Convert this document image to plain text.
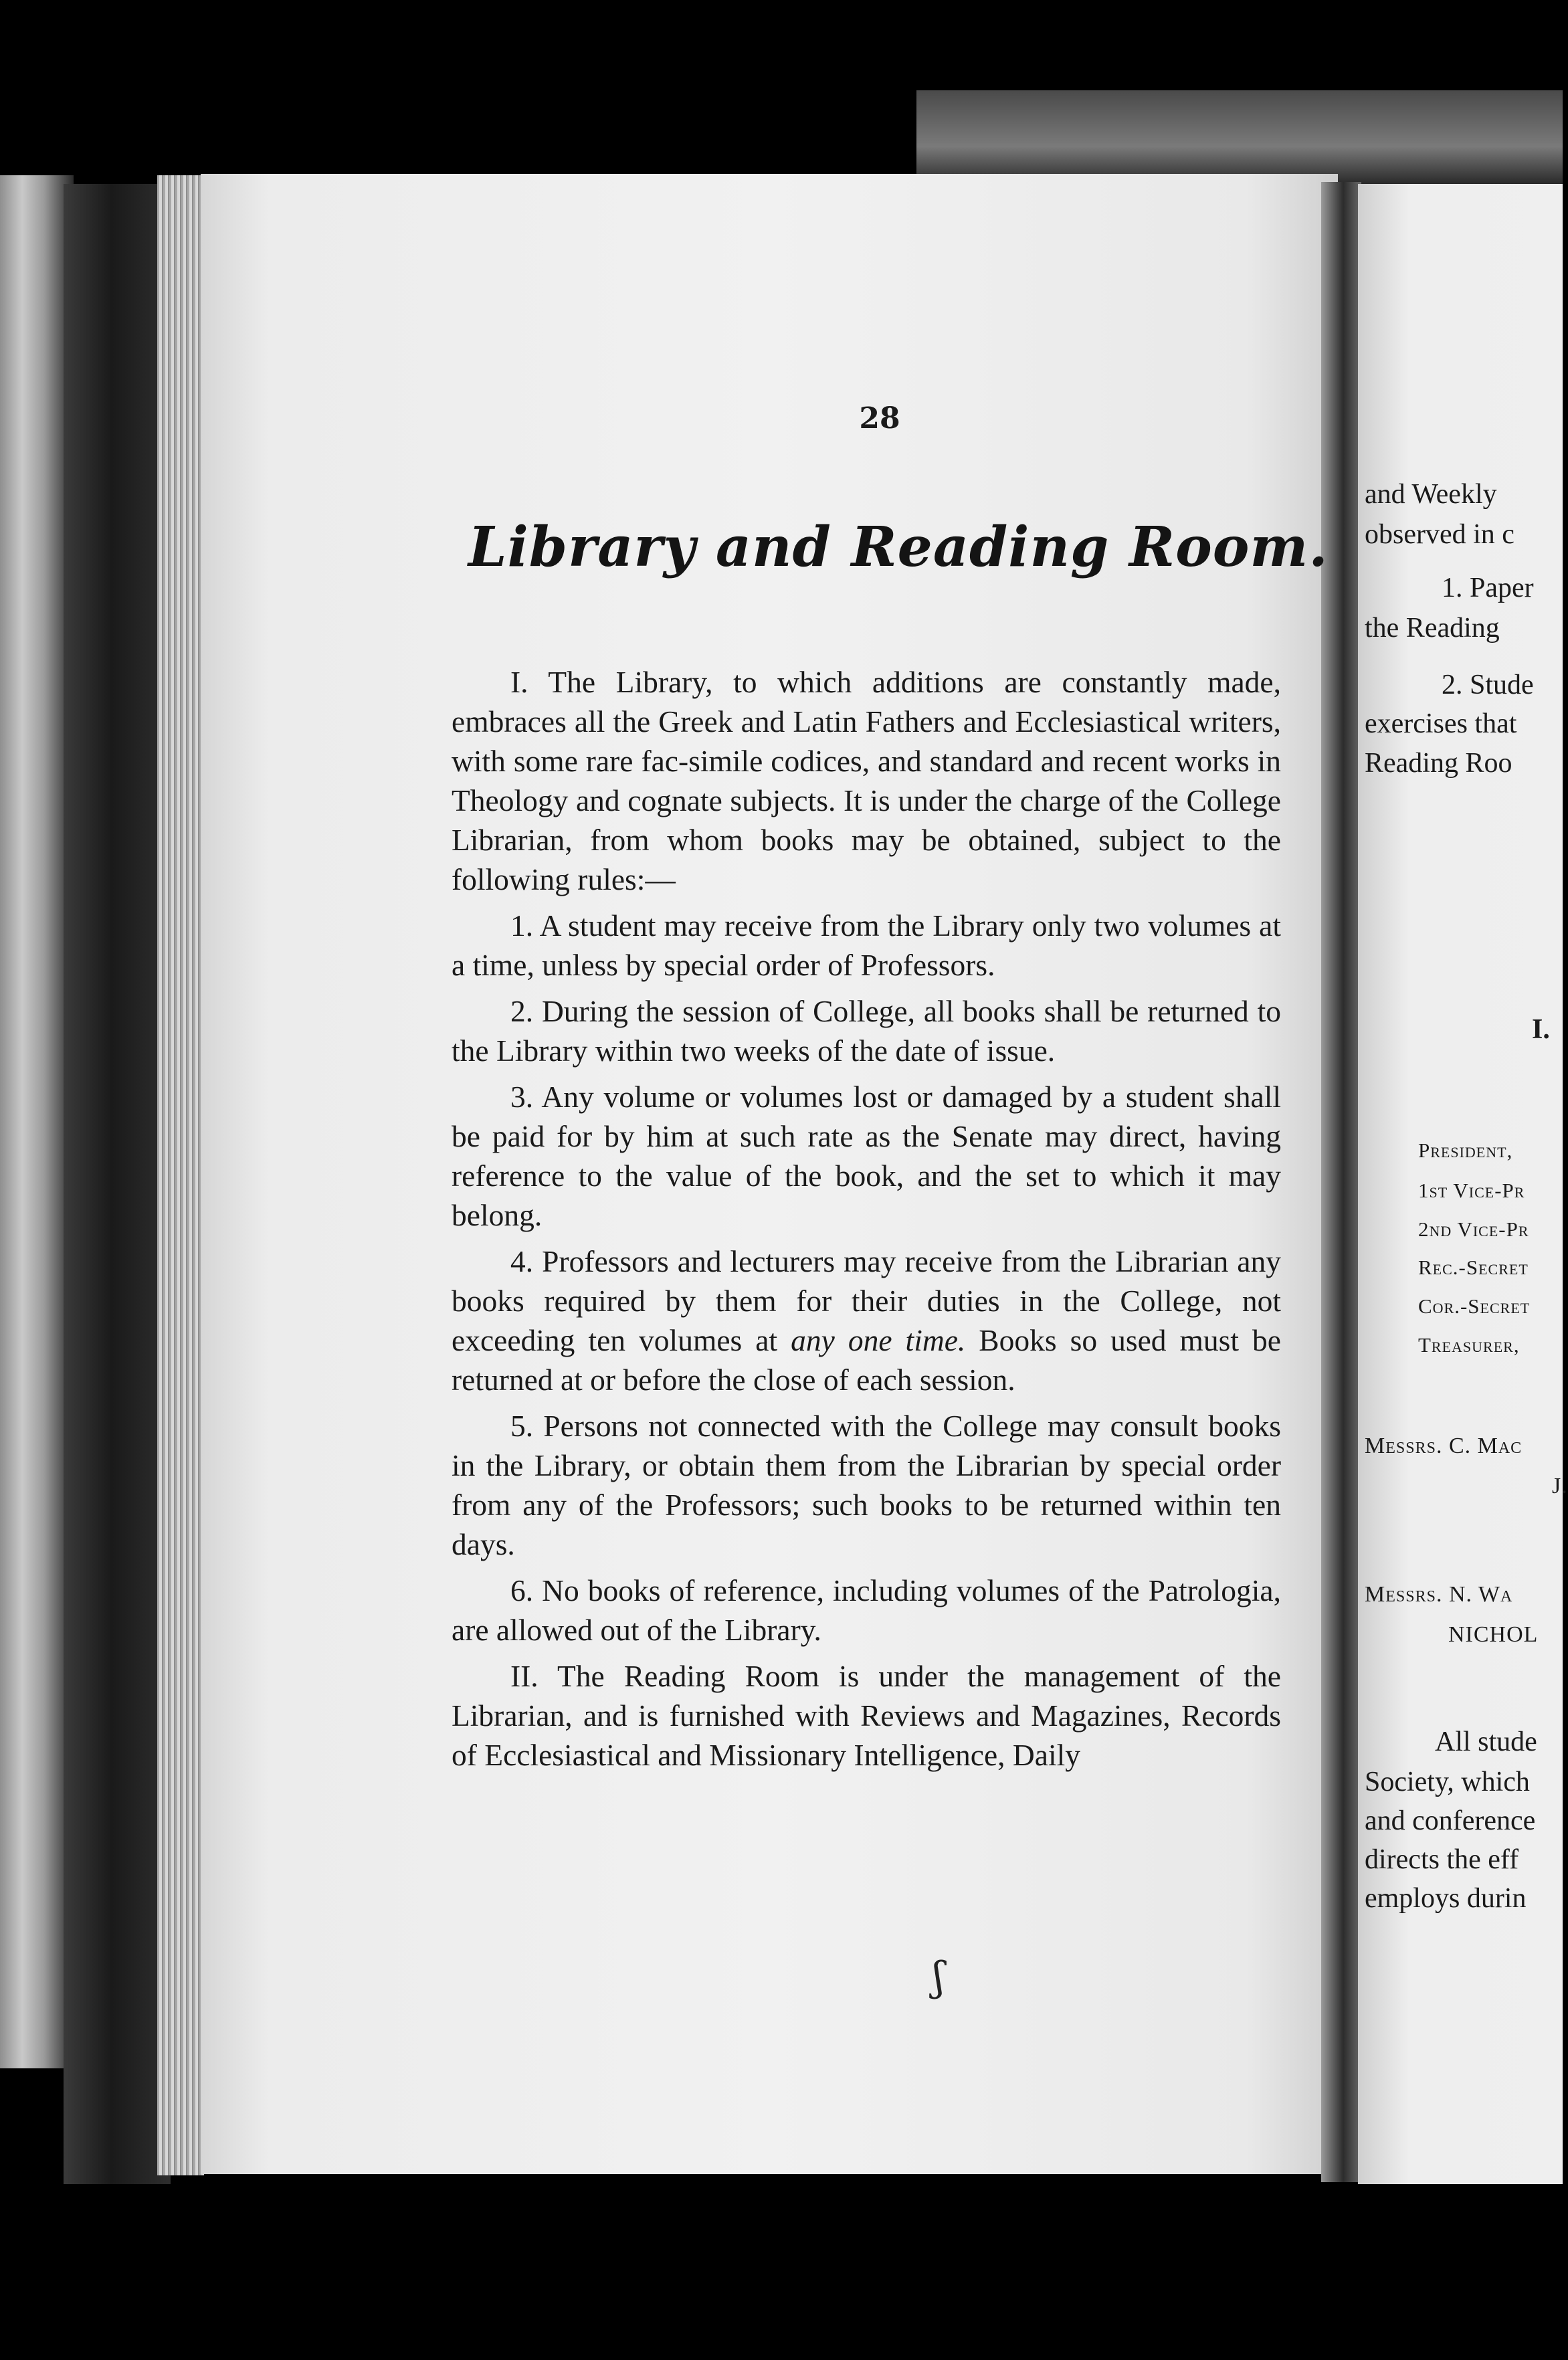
28
Library and Reading Room.

I. The Library, to which additions are constantly made, embraces all the Greek and Latin Fathers and Ecclesiastical writers, with some rare fac-simile codices, and standard and recent works in Theology and cognate subjects. It is under the charge of the College Librarian, from whom books may be obtained, subject to the following rules:—

1. A student may receive from the Library only two volumes at a time, unless by special order of Professors.

2. During the session of College, all books shall be returned to the Library within two weeks of the date of issue.

3. Any volume or volumes lost or damaged by a student shall be paid for by him at such rate as the Senate may direct, having reference to the value of the book, and the set to which it may belong.

4. Professors and lecturers may receive from the Librarian any books required by them for their duties in the College, not exceeding ten volumes at any one time. Books so used must be returned at or before the close of each session.

5. Persons not connected with the College may consult books in the Library, or obtain them from the Librarian by special order from any of the Professors; such books to be returned within ten days.

6. No books of reference, including volumes of the Patrologia, are allowed out of the Library.

II. The Reading Room is under the management of the Librarian, and is furnished with Reviews and Magazines, Records of Ecclesiastical and Missionary Intelligence, Daily

ʃ
and Weekly
observed in c
1. Paper
the Reading
2. Stude
exercises that
Reading Roo
I.
President,
1st Vice-Pr
2nd Vice-Pr
Rec.-Secret
Cor.-Secret
Treasurer,
Messrs. C. Mac
J.
Messrs. N. Wa
NICHOL
All stude
Society, which
and conference
directs the eff
employs durin
